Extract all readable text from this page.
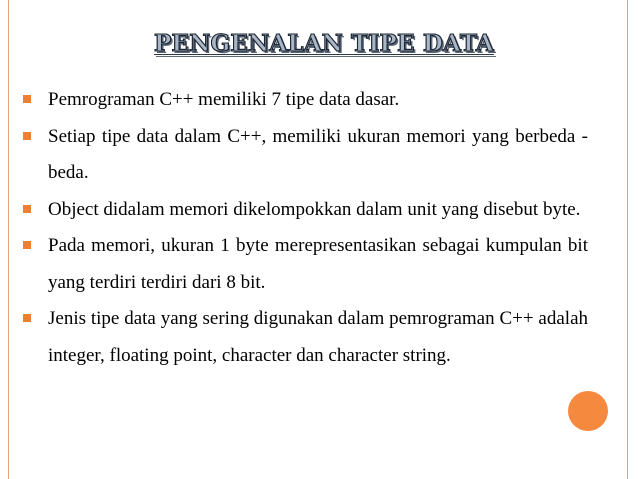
PENGENALAN TIPE DATA
Pemrograman C++ memiliki 7 tipe data dasar.
Setiap tipe data dalam C++, memiliki ukuran memori yang berbeda - beda.
Object didalam memori dikelompokkan dalam unit yang disebut byte.
Pada memori, ukuran 1 byte merepresentasikan sebagai kumpulan bit yang terdiri terdiri dari 8 bit.
Jenis tipe data yang sering digunakan dalam pemrograman C++ adalah integer, floating point, character dan character string.
